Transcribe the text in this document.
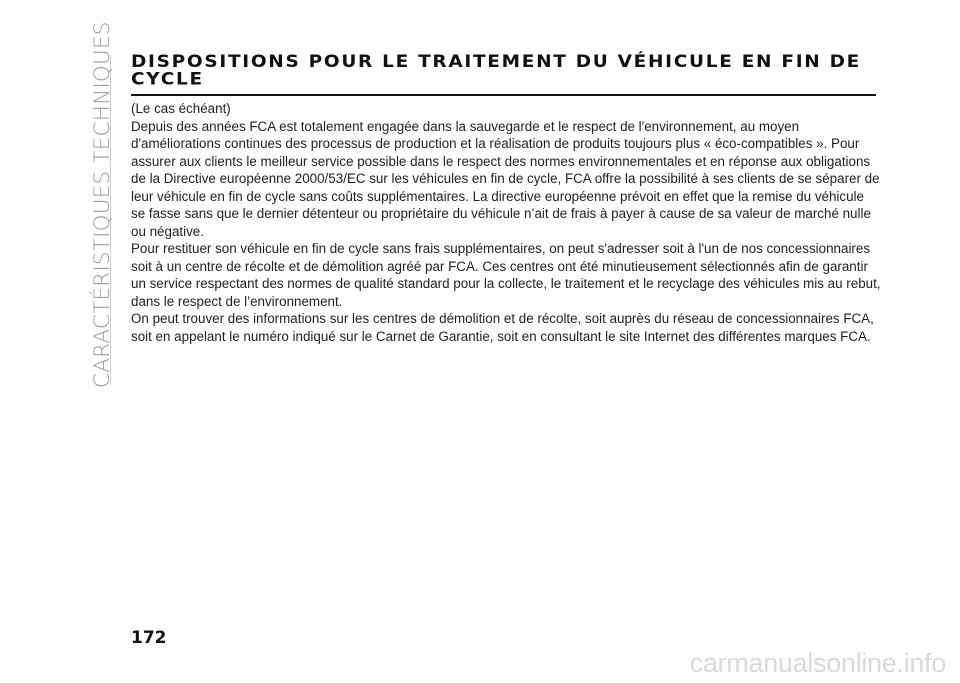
CARACTÉRISTIQUES TECHNIQUES DISPOSITIONS POUR LE TRAITEMENT DU VÉHICULE EN FIN DE CYCLE

(Le cas échéant)

Depuis des années FCA est totalement engagée dans la sauvegarde et le respect de l'environnement, au moyen d'améliorations continues des processus de production et la réalisation de produits toujours plus « éco-compatibles ». Pour assurer aux clients le meilleur service possible dans le respect des normes environnementales et en réponse aux obligations de la Directive européenne 2000/53/EC sur les véhicules en fin de cycle, FCA offre la possibilité à ses clients de se séparer de leur véhicule en fin de cycle sans coûts supplémentaires. La directive européenne prévoit en effet que la remise du véhicule se fasse sans que le dernier détenteur ou propriétaire du véhicule n’ait de frais à payer à cause de sa valeur de marché nulle ou négative.

Pour restituer son véhicule en fin de cycle sans frais supplémentaires, on peut s'adresser soit à l'un de nos concessionnaires soit à un centre de récolte et de démolition agréé par FCA. Ces centres ont été minutieusement sélectionnés afin de garantir un service respectant des normes de qualité standard pour la collecte, le traitement et le recyclage des véhicules mis au rebut, dans le respect de l’environnement.

On peut trouver des informations sur les centres de démolition et de récolte, soit auprès du réseau de concessionnaires FCA, soit en appelant le numéro indiqué sur le Carnet de Garantie, soit en consultant le site Internet des différentes marques FCA.

172
carmanualsonline.info
